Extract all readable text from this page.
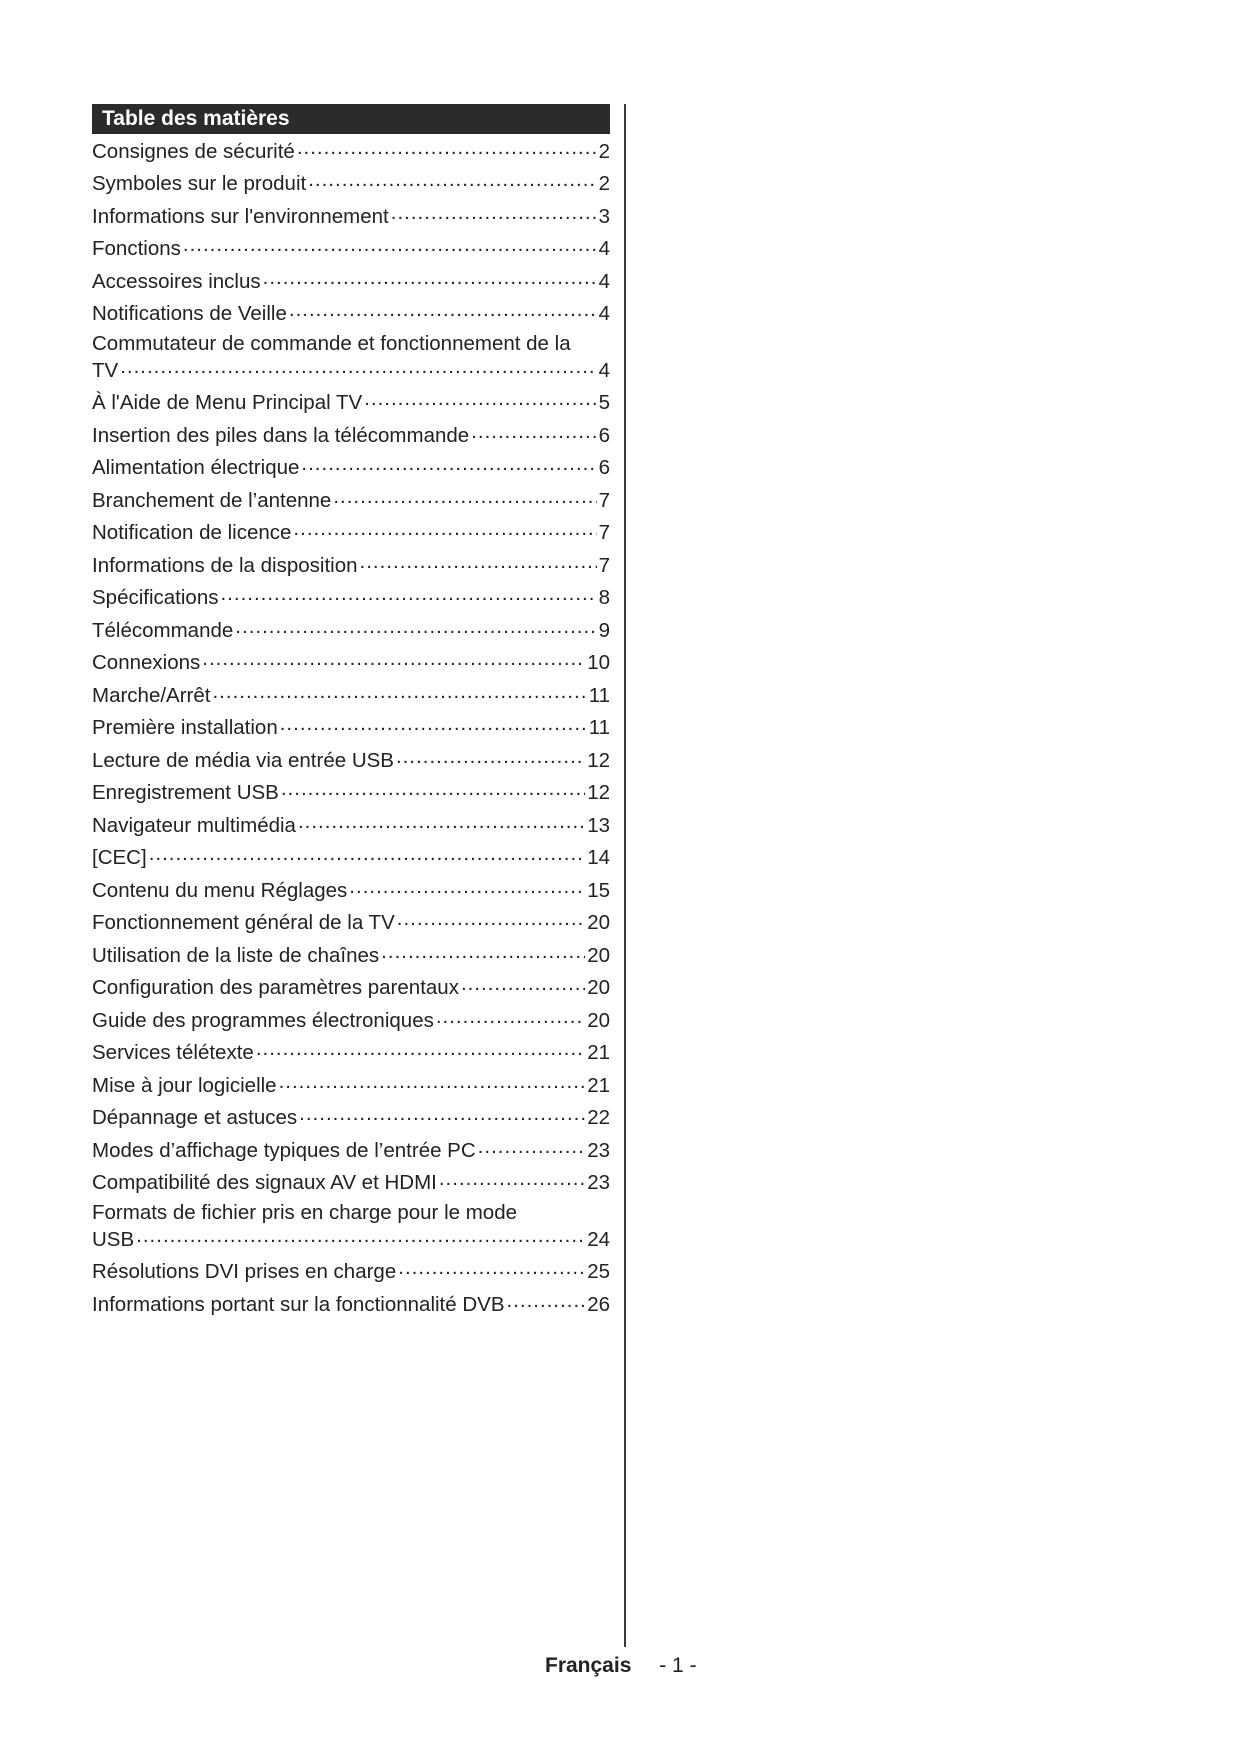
Table des matières
Consignes de sécurité .....	2
Symboles sur le produit .....	2
Informations sur l'environnement .....	3
Fonctions .....	4
Accessoires inclus .....	4
Notifications de Veille .....	4
Commutateur de commande et fonctionnement de la
TV .....	4
À l'Aide de Menu Principal TV .....	5
Insertion des piles dans la télécommande .....	6
Alimentation électrique .....	6
Branchement de l’antenne .....	7
Notification de licence .....	7
Informations de la disposition .....	7
Spécifications .....	8
Télécommande .....	9
Connexions .....	10
Marche/Arrêt .....	11
Première installation .....	11
Lecture de média via entrée USB .....	12
Enregistrement USB .....	12
Navigateur multimédia .....	13
[CEC] .....	14
Contenu du menu Réglages .....	15
Fonctionnement général de la TV .....	20
Utilisation de la liste de chaînes .....	20
Configuration des paramètres parentaux .....	20
Guide des programmes électroniques .....	20
Services télétexte .....	21
Mise à jour logicielle .....	21
Dépannage et astuces .....	22
Modes d’affichage typiques de l’entrée PC .....	23
Compatibilité des signaux AV et HDMI .....	23
Formats de fichier pris en charge pour le mode
USB .....	24
Résolutions DVI prises en charge .....	25
Informations portant sur la fonctionnalité DVB .....	26
Français - 1 -
